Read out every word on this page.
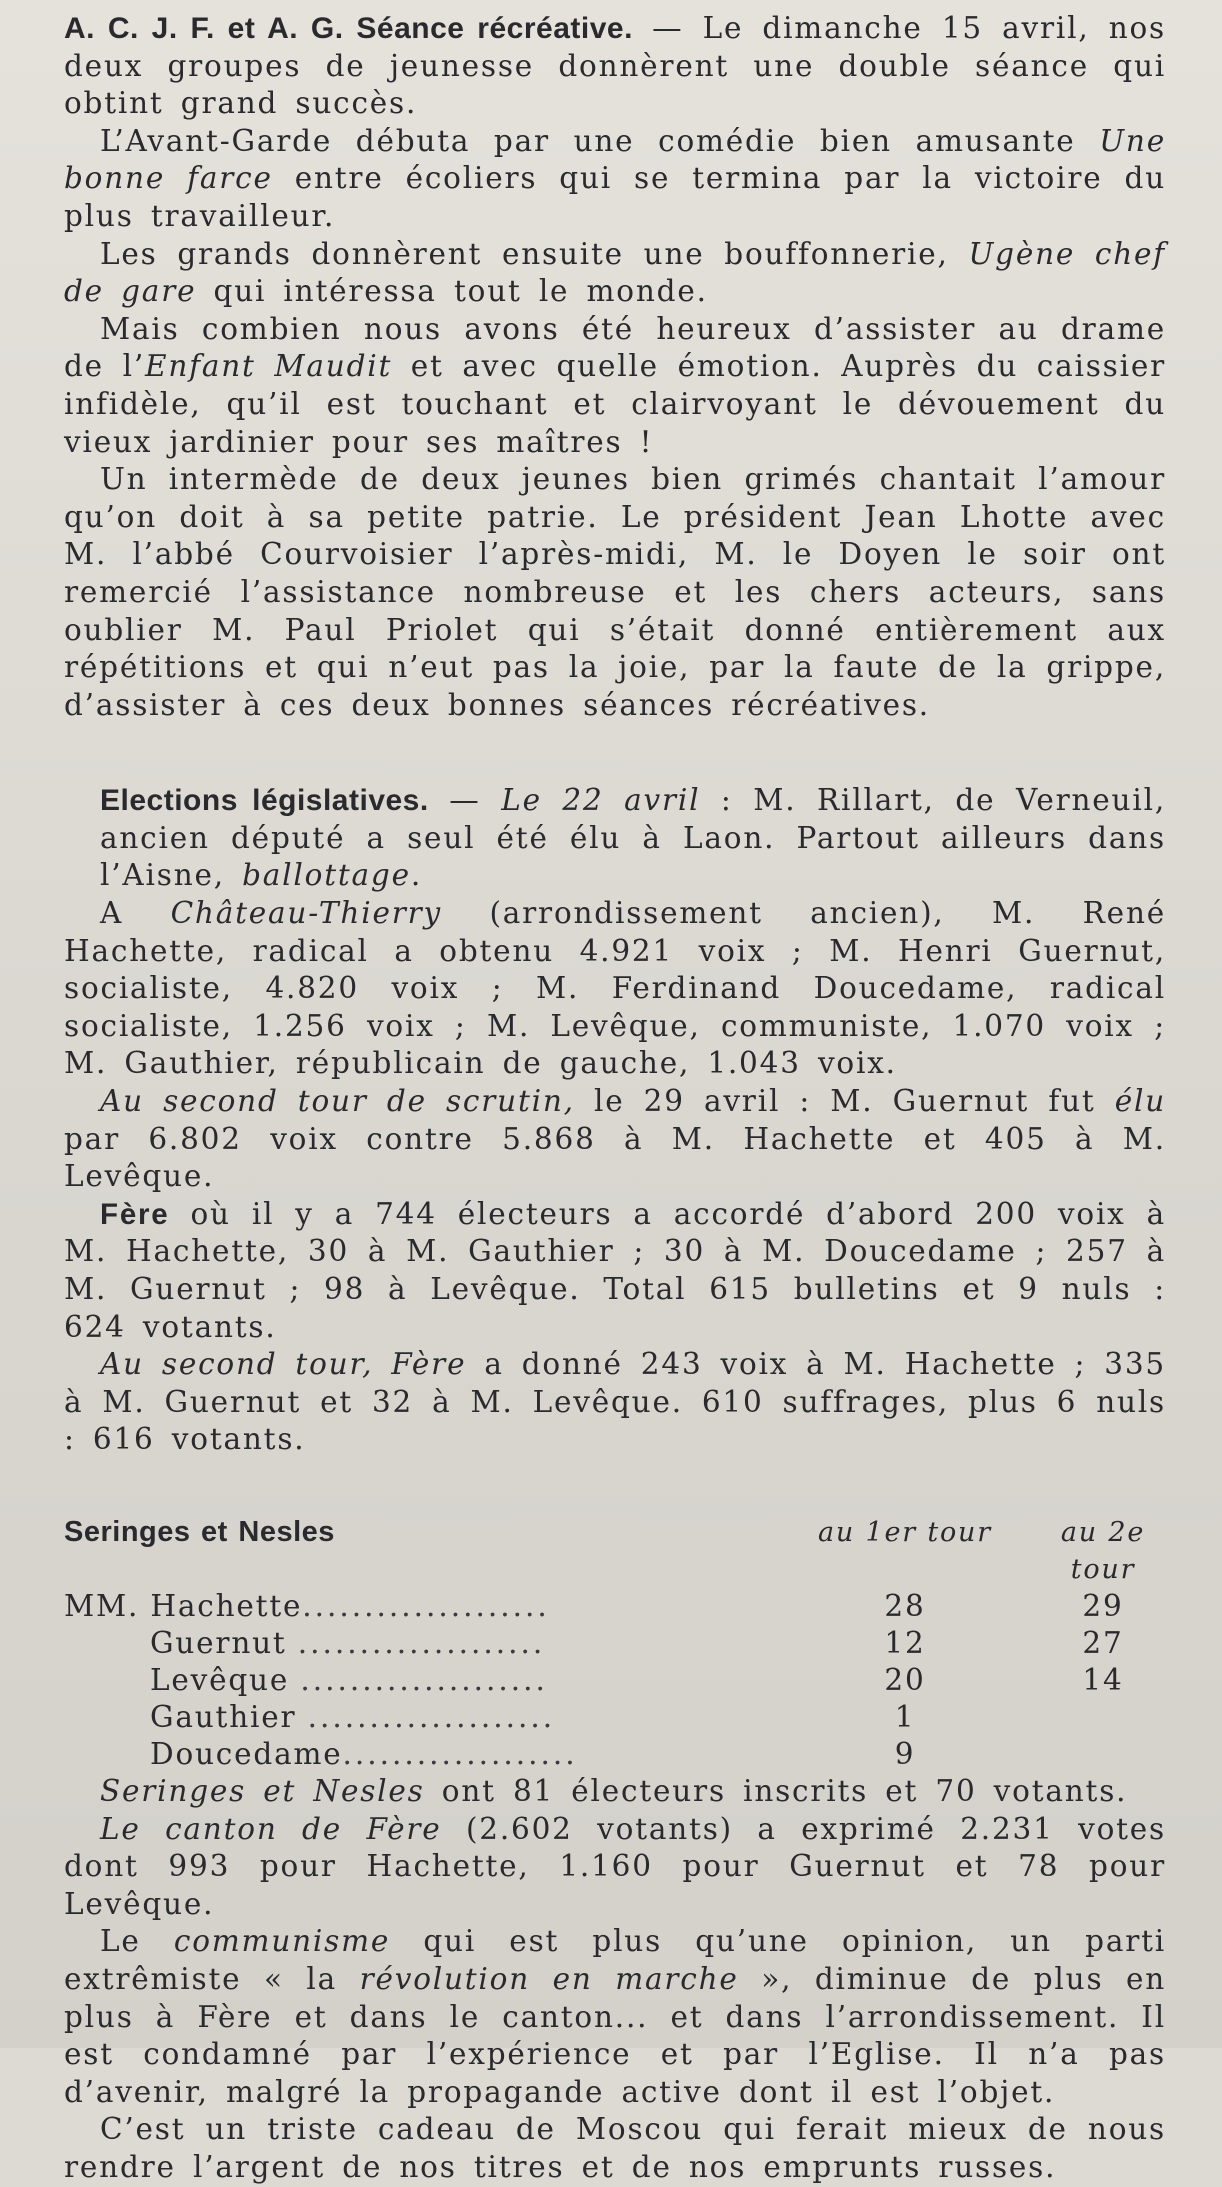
A. C. J. F. et A. G. Séance récréative. — Le dimanche 15 avril, nos deux groupes de jeunesse donnèrent une double séance qui obtint grand succès.

L’Avant-Garde débuta par une comédie bien amusante Une bonne farce entre écoliers qui se termina par la victoire du plus travailleur.

Les grands donnèrent ensuite une bouffonnerie, Ugène chef de gare qui intéressa tout le monde.

Mais combien nous avons été heureux d’assister au drame de l’Enfant Maudit et avec quelle émotion. Auprès du caissier infidèle, qu’il est touchant et clairvoyant le dévouement du vieux jardinier pour ses maîtres !

Un intermède de deux jeunes bien grimés chantait l’amour qu’on doit à sa petite patrie. Le président Jean Lhotte avec M. l’abbé Courvoisier l’après-midi, M. le Doyen le soir ont remercié l’assistance nombreuse et les chers acteurs, sans oublier M. Paul Priolet qui s’était donné entièrement aux répétitions et qui n’eut pas la joie, par la faute de la grippe, d’assister à ces deux bonnes séances récréatives.

Elections législatives. — Le 22 avril : M. Rillart, de Verneuil, ancien député a seul été élu à Laon. Partout ailleurs dans l’Aisne, ballottage.

A Château-Thierry (arrondissement ancien), M. René Hachette, radical a obtenu 4.921 voix ; M. Henri Guernut, socialiste, 4.820 voix ; M. Ferdinand Doucedame, radical socialiste, 1.256 voix ; M. Levêque, communiste, 1.070 voix ; M. Gauthier, républicain de gauche, 1.043 voix.

Au second tour de scrutin, le 29 avril : M. Guernut fut élu par 6.802 voix contre 5.868 à M. Hachette et 405 à M. Levêque.

Fère où il y a 744 électeurs a accordé d’abord 200 voix à M. Hachette, 30 à M. Gauthier ; 30 à M. Doucedame ; 257 à M. Guernut ; 98 à Levêque. Total 615 bulletins et 9 nuls : 624 votants.

Au second tour, Fère a donné 243 voix à M. Hachette ; 335 à M. Guernut et 32 à M. Levêque. 610 suffrages, plus 6 nuls : 616 votants.

Seringes et Nesles	au 1er tour	au 2e tour
MM. Hachette....................	28	29
Guernut ....................	12	27
Levêque ....................	20	14
Gauthier ....................	1	
Doucedame...................	9	

Seringes et Nesles ont 81 électeurs inscrits et 70 votants.

Le canton de Fère (2.602 votants) a exprimé 2.231 votes dont 993 pour Hachette, 1.160 pour Guernut et 78 pour Levêque.

Le communisme qui est plus qu’une opinion, un parti extrêmiste « la révolution en marche », diminue de plus en plus à Fère et dans le canton... et dans l’arrondissement. Il est condamné par l’expérience et par l’Eglise. Il n’a pas d’avenir, malgré la propagande active dont il est l’objet.

C’est un triste cadeau de Moscou qui ferait mieux de nous rendre l’argent de nos titres et de nos emprunts russes.
